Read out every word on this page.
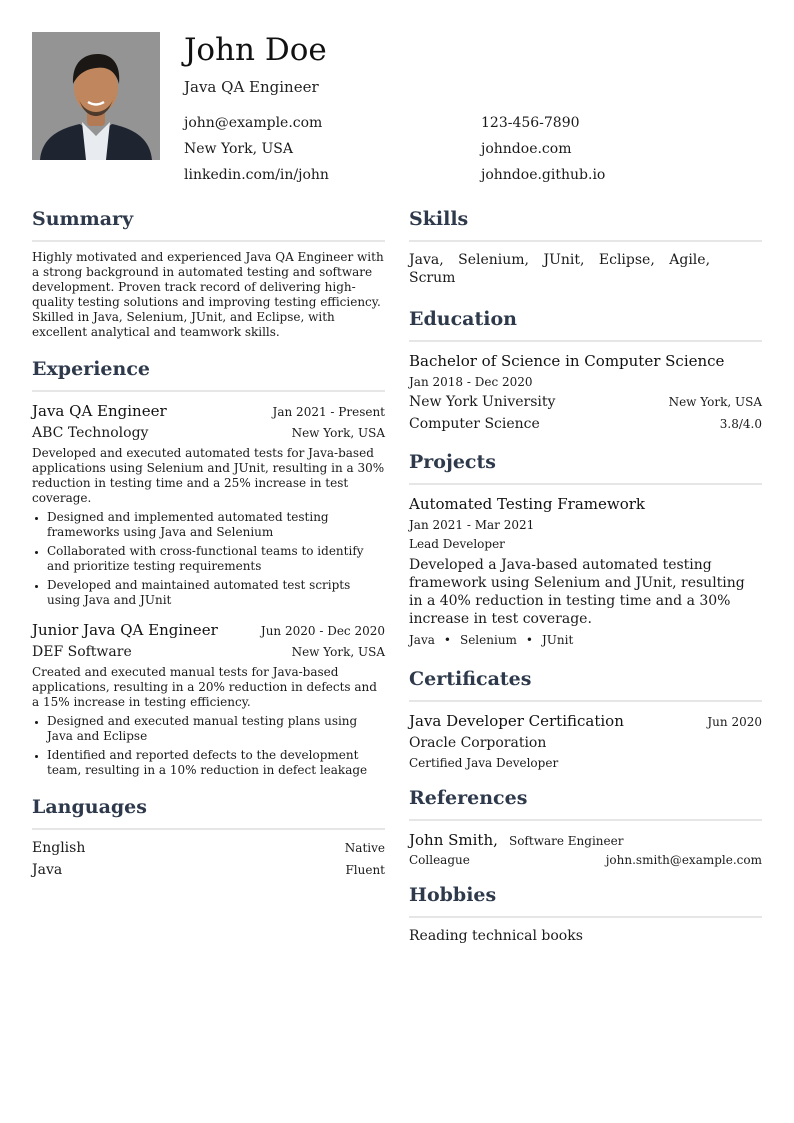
John Doe
Java QA Engineer
john@example.com	123-456-7890
New York, USA	johndoe.com
linkedin.com/in/john	johndoe.github.io
Summary
Highly motivated and experienced Java QA Engineer with a strong background in automated testing and software development. Proven track record of delivering high-quality testing solutions and improving testing efficiency. Skilled in Java, Selenium, JUnit, and Eclipse, with excellent analytical and teamwork skills.
Experience
Java QA Engineer	Jan 2021 - Present
ABC Technology	New York, USA
Developed and executed automated tests for Java-based applications using Selenium and JUnit, resulting in a 30% reduction in testing time and a 25% increase in test coverage.
• Designed and implemented automated testing frameworks using Java and Selenium
• Collaborated with cross-functional teams to identify and prioritize testing requirements
• Developed and maintained automated test scripts using Java and JUnit
Junior Java QA Engineer	Jun 2020 - Dec 2020
DEF Software	New York, USA
Created and executed manual tests for Java-based applications, resulting in a 20% reduction in defects and a 15% increase in testing efficiency.
• Designed and executed manual testing plans using Java and Eclipse
• Identified and reported defects to the development team, resulting in a 10% reduction in defect leakage
Languages
English	Native
Java	Fluent
Skills
Java, Selenium, JUnit, Eclipse, Agile, Scrum
Education
Bachelor of Science in Computer Science
Jan 2018 - Dec 2020
New York University	New York, USA
Computer Science	3.8/4.0
Projects
Automated Testing Framework
Jan 2021 - Mar 2021
Lead Developer
Developed a Java-based automated testing framework using Selenium and JUnit, resulting in a 40% reduction in testing time and a 30% increase in test coverage.
Java • Selenium • JUnit
Certificates
Java Developer Certification	Jun 2020
Oracle Corporation
Certified Java Developer
References
John Smith, Software Engineer
Colleague	john.smith@example.com
Hobbies
Reading technical books
